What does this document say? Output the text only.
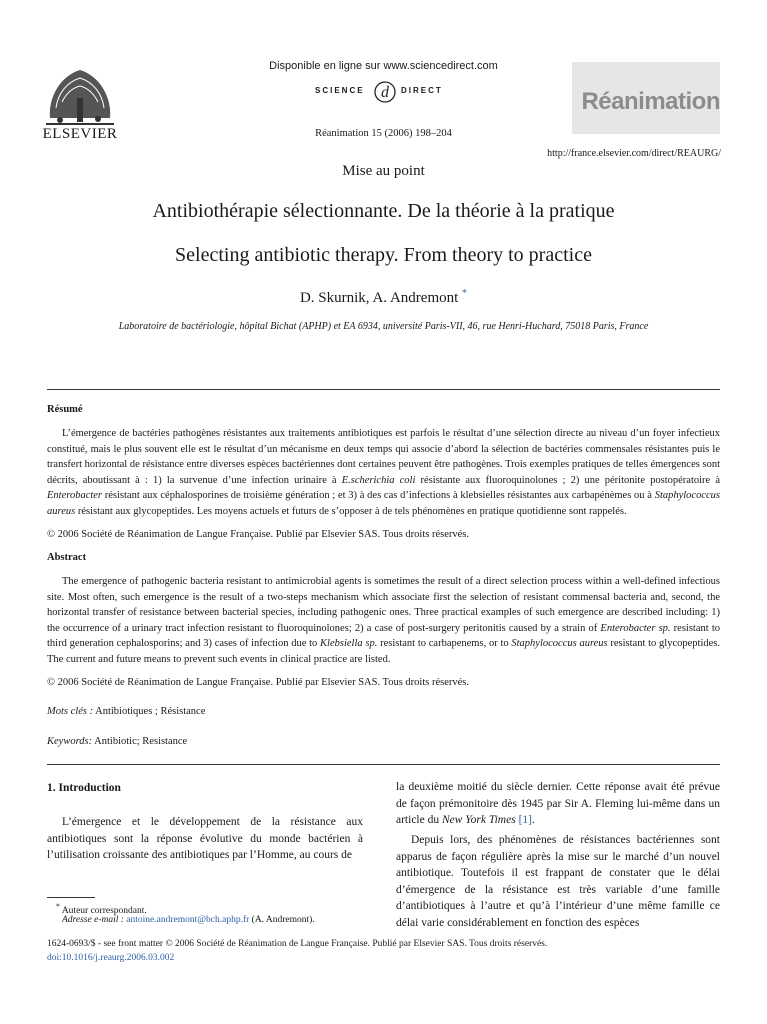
ELSEVIER
Disponible en ligne sur www.sciencedirect.com
SCIENCE d DIRECT
Réanimation 15 (2006) 198–204
Réanimation
http://france.elsevier.com/direct/REAURG/
Mise au point
Antibiothérapie sélectionnante. De la théorie à la pratique
Selecting antibiotic therapy. From theory to practice
D. Skurnik, A. Andremont *
Laboratoire de bactériologie, hôpital Bichat (APHP) et EA 6934, université Paris-VII, 46, rue Henri-Huchard, 75018 Paris, France
Résumé

L’émergence de bactéries pathogènes résistantes aux traitements antibiotiques est parfois le résultat d’une sélection directe au niveau d’un foyer infectieux constitué, mais le plus souvent elle est le résultat d’un mécanisme en deux temps qui associe d’abord la sélection de bactéries commensales résistantes puis le transfert horizontal de résistance entre diverses espèces bactériennes dont certaines peuvent être pathogènes. Trois exemples pratiques de telles émergences sont décrits, aboutissant à : 1) la survenue d’une infection urinaire à E.scherichia coli résistante aux fluoroquinolones ; 2) une péritonite postopératoire à Enterobacter résistant aux céphalosporines de troisième génération ; et 3) à des cas d’infections à klebsielles résistantes aux carbapénèmes ou à Staphylococcus aureus résistant aux glycopeptides. Les moyens actuels et futurs de s’opposer à de tels phénomènes en pratique quotidienne sont rappelés.

© 2006 Société de Réanimation de Langue Française. Publié par Elsevier SAS. Tous droits réservés.
Abstract

The emergence of pathogenic bacteria resistant to antimicrobial agents is sometimes the result of a direct selection process within a well-defined infectious site. Most often, such emergence is the result of a two-steps mechanism which associate first the selection of resistant commensal bacteria and, second, the horizontal transfer of resistance between bacterial species, including pathogenic ones. Three practical examples of such emergence are described including: 1) the occurrence of a urinary tract infection resistant to fluoroquinolones; 2) a case of post-surgery peritonitis caused by a strain of Enterobacter sp. resistant to third generation cephalosporins; and 3) cases of infection due to Klebsiella sp. resistant to carbapenems, or to Staphylococcus aureus resistant to glycopeptides. The current and future means to prevent such events in clinical practice are listed.

© 2006 Société de Réanimation de Langue Française. Publié par Elsevier SAS. Tous droits réservés.
Mots clés : Antibiotiques ; Résistance
Keywords: Antibiotic; Resistance
1. Introduction
L’émergence et le développement de la résistance aux antibiotiques sont la réponse évolutive du monde bactérien à l’utilisation croissante des antibiotiques par l’Homme, au cours de
la deuxième moitié du siècle dernier. Cette réponse avait été prévue de façon prémonitoire dès 1945 par Sir A. Fleming lui-même dans un article du New York Times [1].
Depuis lors, des phénomènes de résistances bactériennes sont apparus de façon régulière après la mise sur le marché d’un nouvel antibiotique. Toutefois il est frappant de constater que le délai d’émergence de la résistance est très variable d’une famille d’antibiotiques à l’autre et qu’à l’intérieur d’une même famille ce délai varie considérablement en fonction des espèces
* Auteur correspondant.
Adresse e-mail : antoine.andremont@bch.aphp.fr (A. Andremont).
1624-0693/$ - see front matter © 2006 Société de Réanimation de Langue Française. Publié par Elsevier SAS. Tous droits réservés.
doi:10.1016/j.reaurg.2006.03.002
